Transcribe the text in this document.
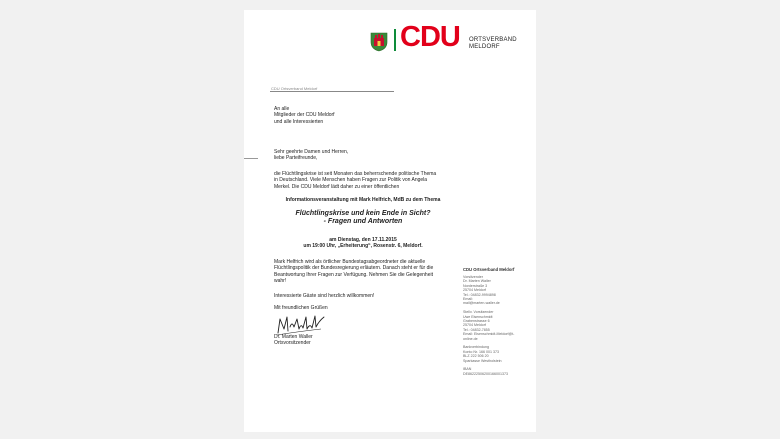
CDU ORTSVERBAND
MELDORF
CDU Ortsverband Meldorf
An alle
Mitglieder der CDU Meldorf
und alle Interessierten
Sehr geehrte Damen und Herren,
liebe Parteifreunde,
die Flüchtlingskrise ist seit Monaten das beherrschende politische Thema
in Deutschland. Viele Menschen haben Fragen zur Politik von Angela
Merkel. Die CDU Meldorf lädt daher zu einer öffentlichen
Informationsveranstaltung mit Mark Helfrich, MdB zu dem Thema
Flüchtlingskrise und kein Ende in Sicht?
- Fragen und Antworten
am Dienstag, den 17.11.2015
um 19:00 Uhr, „Erheiterung“, Rosenstr. 6, Meldorf.
Mark Helfrich wird als örtlicher Bundestagsabgeordneter die aktuelle
Flüchtlingspolitik der Bundesregierung erläutern. Danach steht er für die
Beantwortung Ihrer Fragen zur Verfügung. Nehmen Sie die Gelegenheit
wahr!
Interessierte Gäste sind herzlich willkommen!
Mit freundlichen Grüßen
Dr. Marten Waller
Ortsvorsitzender
CDU Ortsverband Meldorf
Vorsitzender
Dr. Marten Waller
Norderstraße 3
25704 Meldorf
Tel.: 04832-9994898
Email:
mail@marten-waller.de
Stellv. Vorsitzender
Uwe Eisenschmidt
Grabenstrasse 6
25704 Meldorf
Tel.: 04832-7855
Email: Eisenschmidt-Meldorf@t-
online.de
Bankverbindung
Konto Nr. 166 001 373
BLZ 222 506 20
Sparkasse Westholstein
IBAN
DE86222506200166001373
